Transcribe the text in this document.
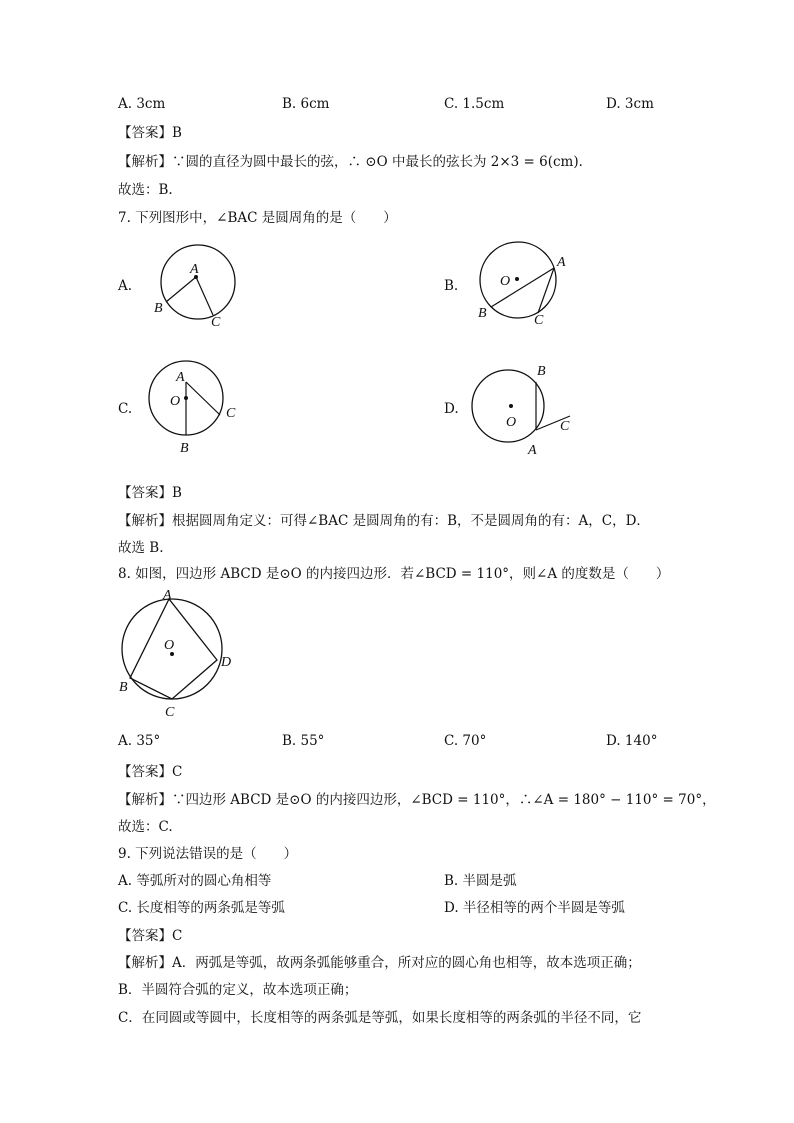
A. 3cm	B. 6cm	C. 1.5cm	D. 3cm
【答案】B
【解析】∵圆的直径为圆中最长的弦，∴ ⊙O 中最长的弦长为 2×3 = 6(cm)．
故选：B.
7. 下列图形中，∠BAC 是圆周角的是（　　）
A.
A
B
C
B.	O
A
B	C
C.
A
O
B
C	D.
B
O
A
C
【答案】B
【解析】根据圆周角定义：可得∠BAC 是圆周角的有：B，不是圆周角的有：A，C，D．
故选 B.
8. 如图，四边形 ABCD 是⊙O 的内接四边形．若∠BCD = 110°，则∠A 的度数是（　　）
A
O
D
B
C
A. 35°	B. 55°	C. 70°	D. 140°
【答案】C
【解析】∵四边形 ABCD 是⊙O 的内接四边形，∠BCD = 110°，∴∠A = 180° − 110° = 70°，
故选：C.
9. 下列说法错误的是（　　）
A. 等弧所对的圆心角相等	B. 半圆是弧
C. 长度相等的两条弧是等弧	D. 半径相等的两个半圆是等弧
【答案】C
【解析】A．两弧是等弧，故两条弧能够重合，所对应的圆心角也相等，故本选项正确；
B．半圆符合弧的定义，故本选项正确；
C．在同圆或等圆中，长度相等的两条弧是等弧，如果长度相等的两条弧的半径不同，它
